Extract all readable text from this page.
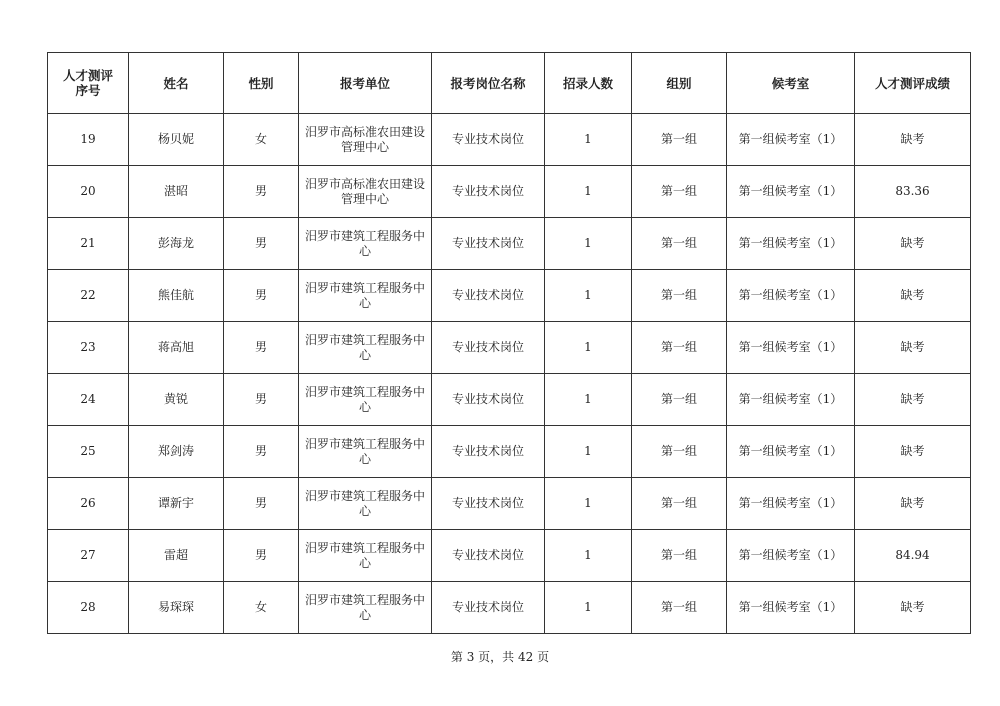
人才测评
序号	姓名	性别	报考单位	报考岗位名称	招录人数	组别	候考室	人才测评成绩
19	杨贝妮	女	汨罗市高标准农田建设管理中心	专业技术岗位	1	第一组	第一组候考室（1）	缺考
20	湛昭	男	汨罗市高标准农田建设管理中心	专业技术岗位	1	第一组	第一组候考室（1）	83.36
21	彭海龙	男	汨罗市建筑工程服务中心	专业技术岗位	1	第一组	第一组候考室（1）	缺考
22	熊佳航	男	汨罗市建筑工程服务中心	专业技术岗位	1	第一组	第一组候考室（1）	缺考
23	蒋高旭	男	汨罗市建筑工程服务中心	专业技术岗位	1	第一组	第一组候考室（1）	缺考
24	黄锐	男	汨罗市建筑工程服务中心	专业技术岗位	1	第一组	第一组候考室（1）	缺考
25	郑剑涛	男	汨罗市建筑工程服务中心	专业技术岗位	1	第一组	第一组候考室（1）	缺考
26	谭新宇	男	汨罗市建筑工程服务中心	专业技术岗位	1	第一组	第一组候考室（1）	缺考
27	雷超	男	汨罗市建筑工程服务中心	专业技术岗位	1	第一组	第一组候考室（1）	84.94
28	易琛琛	女	汨罗市建筑工程服务中心	专业技术岗位	1	第一组	第一组候考室（1）	缺考
第 3 页，共 42 页
